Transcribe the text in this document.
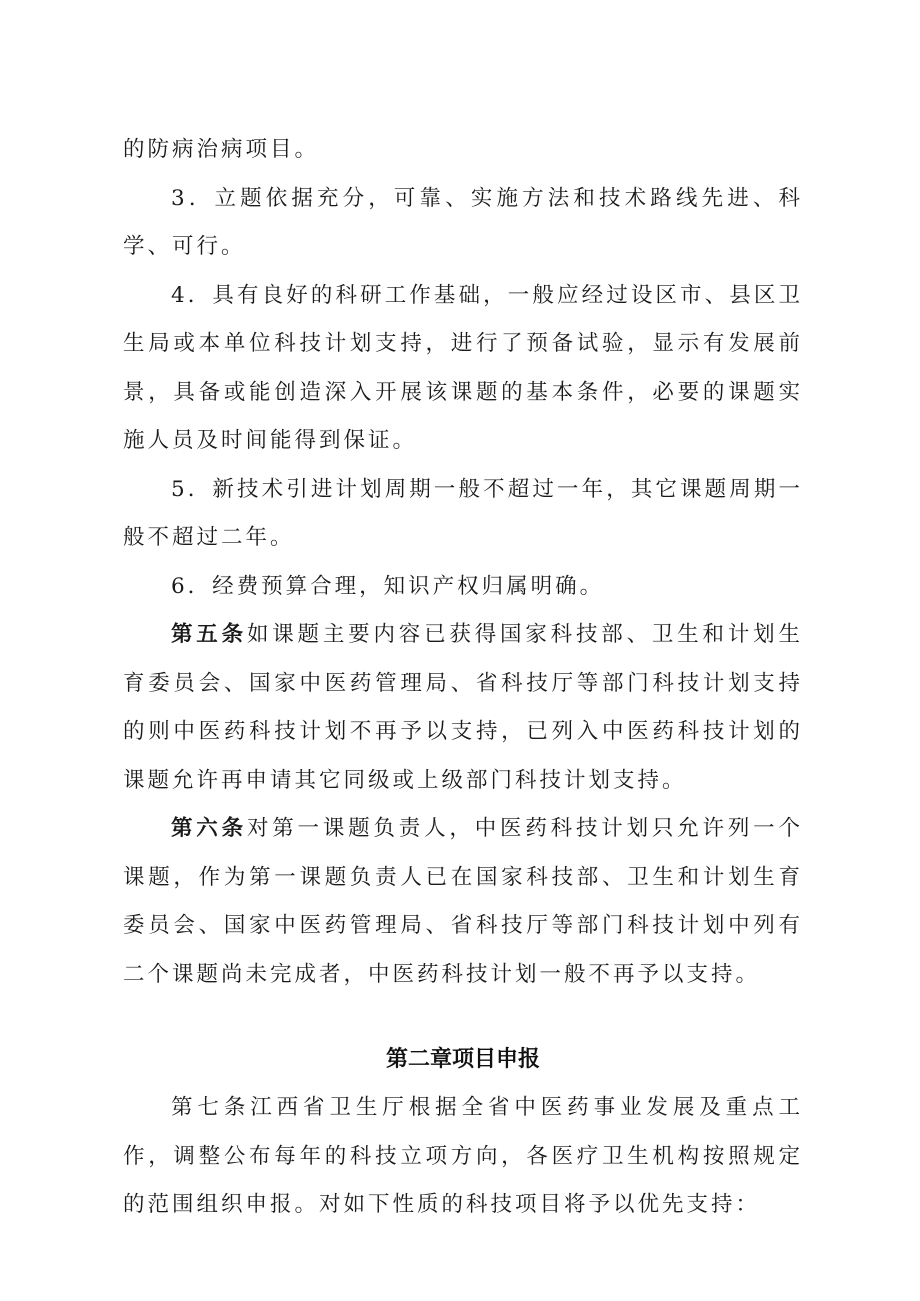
的防病治病项目。

3．立题依据充分，可靠、实施方法和技术路线先进、科学、可行。

4．具有良好的科研工作基础，一般应经过设区市、县区卫生局或本单位科技计划支持，进行了预备试验，显示有发展前景，具备或能创造深入开展该课题的基本条件，必要的课题实施人员及时间能得到保证。

5．新技术引进计划周期一般不超过一年，其它课题周期一般不超过二年。

6．经费预算合理，知识产权归属明确。

第五条如课题主要内容已获得国家科技部、卫生和计划生育委员会、国家中医药管理局、省科技厅等部门科技计划支持的则中医药科技计划不再予以支持，已列入中医药科技计划的课题允许再申请其它同级或上级部门科技计划支持。

第六条对第一课题负责人，中医药科技计划只允许列一个课题，作为第一课题负责人已在国家科技部、卫生和计划生育委员会、国家中医药管理局、省科技厅等部门科技计划中列有二个课题尚未完成者，中医药科技计划一般不再予以支持。

第二章项目申报

第七条江西省卫生厅根据全省中医药事业发展及重点工作，调整公布每年的科技立项方向，各医疗卫生机构按照规定的范围组织申报。对如下性质的科技项目将予以优先支持：
